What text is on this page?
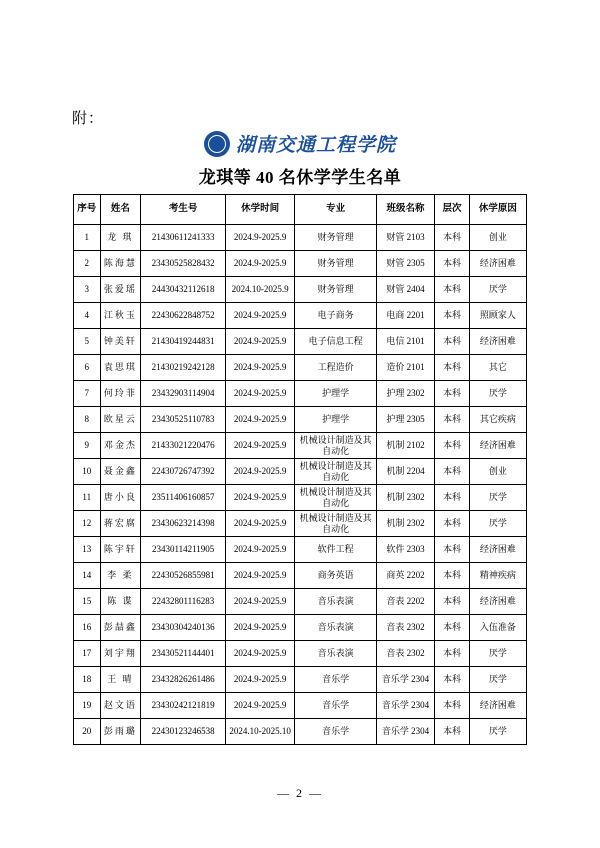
附：
湖南交通工程学院
龙琪等 40 名休学学生名单
序号	姓名	考生号	休学时间	专业	班级名称	层次	休学原因
1	龙 琪	21430611241333	2024.9-2025.9	财务管理	财管 2103	本科	创业
2	陈海慧	23430525828432	2024.9-2025.9	财务管理	财管 2305	本科	经济困难
3	张爱瑶	24430432112618	2024.10-2025.9	财务管理	财管 2404	本科	厌学
4	江秋玉	22430622848752	2024.9-2025.9	电子商务	电商 2201	本科	照顾家人
5	钟美轩	21430419244831	2024.9-2025.9	电子信息工程	电信 2101	本科	经济困难
6	袁思琪	21430219242128	2024.9-2025.9	工程造价	造价 2101	本科	其它
7	何玲菲	23432903114904	2024.9-2025.9	护理学	护理 2302	本科	厌学
8	欧星云	23430525110783	2024.9-2025.9	护理学	护理 2305	本科	其它疾病
9	邓金杰	21433021220476	2024.9-2025.9	机械设计制造及其自动化	机制 2102	本科	经济困难
10	聂金鑫	22430726747392	2024.9-2025.9	机械设计制造及其自动化	机制 2204	本科	创业
11	唐小良	23511406160857	2024.9-2025.9	机械设计制造及其自动化	机制 2302	本科	厌学
12	蒋宏腐	23430623214398	2024.9-2025.9	机械设计制造及其自动化	机制 2302	本科	厌学
13	陈宇轩	23430114211905	2024.9-2025.9	软件工程	软件 2303	本科	经济困难
14	李 柔	22430526855981	2024.9-2025.9	商务英语	商英 2202	本科	精神疾病
15	陈 谍	22432801116283	2024.9-2025.9	音乐表演	音表 2202	本科	经济困难
16	彭喆鑫	23430304240136	2024.9-2025.9	音乐表演	音表 2302	本科	入伍准备
17	刘宇翔	23430521144401	2024.9-2025.9	音乐表演	音表 2302	本科	厌学
18	王 晴	23432826261486	2024.9-2025.9	音乐学	音乐学 2304	本科	厌学
19	赵文语	23430242121819	2024.9-2025.9	音乐学	音乐学 2304	本科	经济困难
20	彭雨璐	22430123246538	2024.10-2025.10	音乐学	音乐学 2304	本科	厌学
— 2 —
